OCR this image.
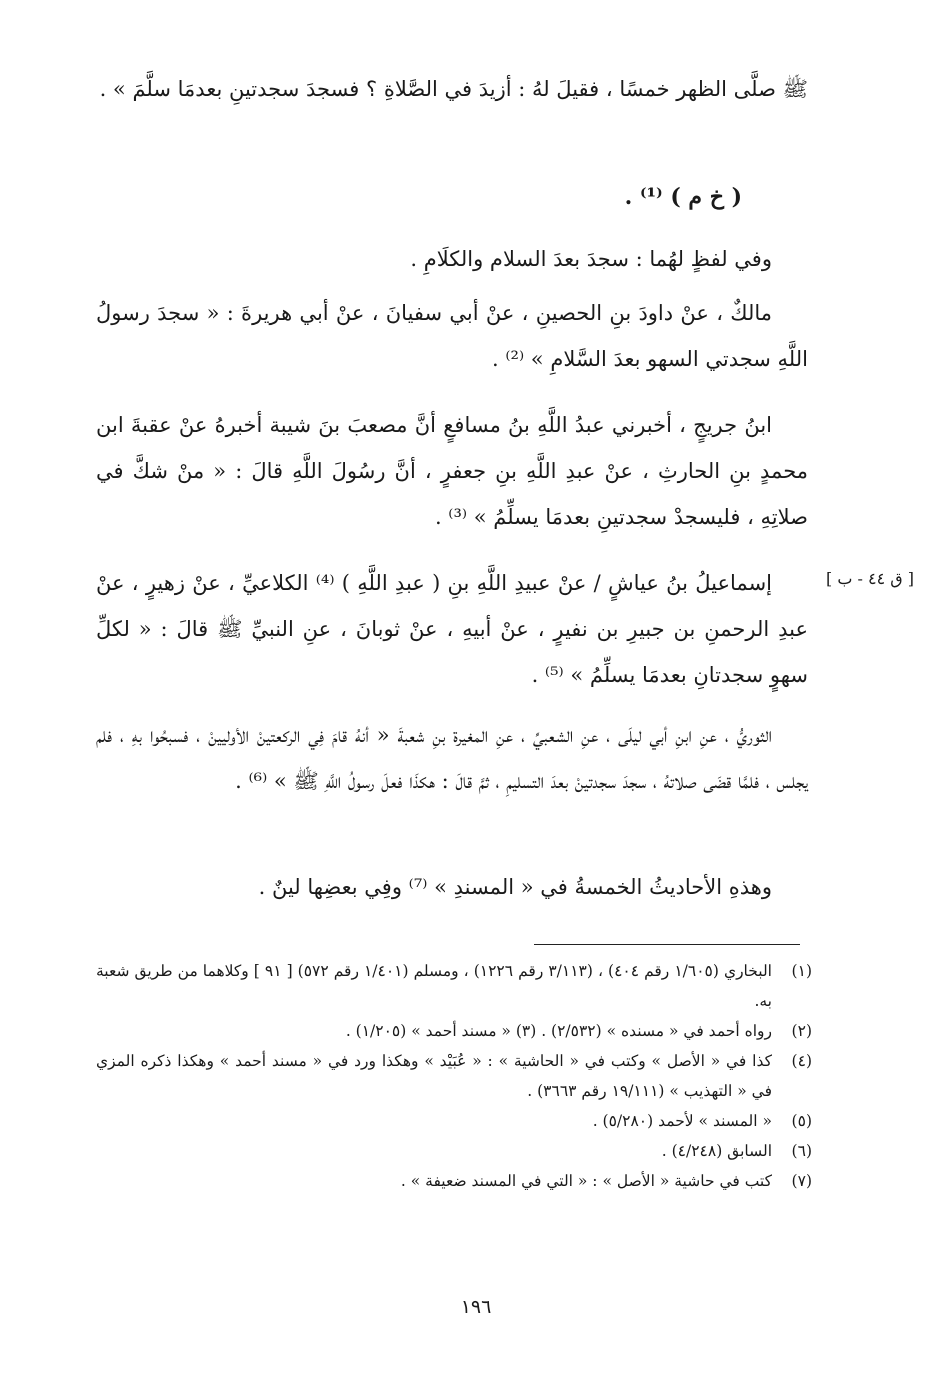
ﷺ صلَّى الظهر خمسًا ، فقيلَ لهُ : أزيدَ في الصَّلاةِ ؟ فسجدَ سجدتينِ بعدمَا سلَّمَ » .
( خ م ) ⁽¹⁾ .
وفي لفظٍ لهُما : سجدَ بعدَ السلام والكلَامِ .
مالكٌ ، عنْ داودَ بنِ الحصينِ ، عنْ أبي سفيانَ ، عنْ أبي هريرةَ : « سجدَ رسولُ اللَّهِ سجدتي السهو بعدَ السَّلامِ » ⁽²⁾ .
ابنُ جريجٍ ، أخبرني عبدُ اللَّهِ بنُ مسافعٍ أنَّ مصعبَ بنَ شيبة أخبرهُ عنْ عقبةَ ابن محمدٍ بنِ الحارثِ ، عنْ عبدِ اللَّهِ بنِ جعفرٍ ، أنَّ رسُولَ اللَّهِ قالَ : « منْ شكَّ في صلاتِهِ ، فليسجدْ سجدتينِ بعدمَا يسلِّمُ » ⁽³⁾ .
إسماعيلُ بنُ عياشٍ / عنْ عبيدِ اللَّهِ بنِ ( عبدِ اللَّهِ ) ⁽⁴⁾ الكلاعيِّ ، عنْ زهيرٍ ، عنْ عبدِ الرحمنِ بن جبيرِ بن نفيرٍ ، عنْ أبيهِ ، عنْ ثوبانَ ، عنِ النبيِّ ﷺ قالَ : « لكلِّ سهوٍ سجدتانِ بعدمَا يسلِّمُ » ⁽⁵⁾ .
[ ق ٤٤ - ب ]
الثوريُّ ، عنِ ابنِ أبي ليلَى ، عنِ الشعبيِّ ، عنِ المغيرة بنِ شعبةَ « أنهُ قامَ فِي الركعتينْ الأوليينْ ، فسبحُوا بهِ ، فلم يجلس ، فلمَّا قضَى صلاتهُ ، سجدَ سجدتينْ بعدَ التسليمِ ، ثمَّ قالَ : هكذَا فعلَ رسولُ اللَّهِ ﷺ » ⁽⁶⁾ .
وهذهِ الأحاديثُ الخمسةُ في « المسندِ » ⁽⁷⁾ وفِي بعضِها لينٌ .
(١)
البخاري (١/٦٠٥ رقم ٤٠٤) ، (٣/١١٣ رقم ١٢٢٦) ، ومسلم (١/٤٠١ رقم ٥٧٢) [ ٩١ ] وكلاهما من طريق شعبة به.
(٢)
رواه أحمد في « مسنده » (٢/٥٣٢) . (٣) « مسند أحمد » (١/٢٠٥) .
(٤)
كذا في « الأصل » وكتب في « الحاشية » : « عُبَيْد » وهكذا ورد في « مسند أحمد » وهكذا ذكره المزي في « التهذيب » (١٩/١١١ رقم ٣٦٦٣) .
(٥)
« المسند » لأحمد (٥/٢٨٠) .
(٦)
السابق (٤/٢٤٨) .
(٧)
كتب في حاشية « الأصل » : « التي في المسند ضعيفة » .
١٩٦
